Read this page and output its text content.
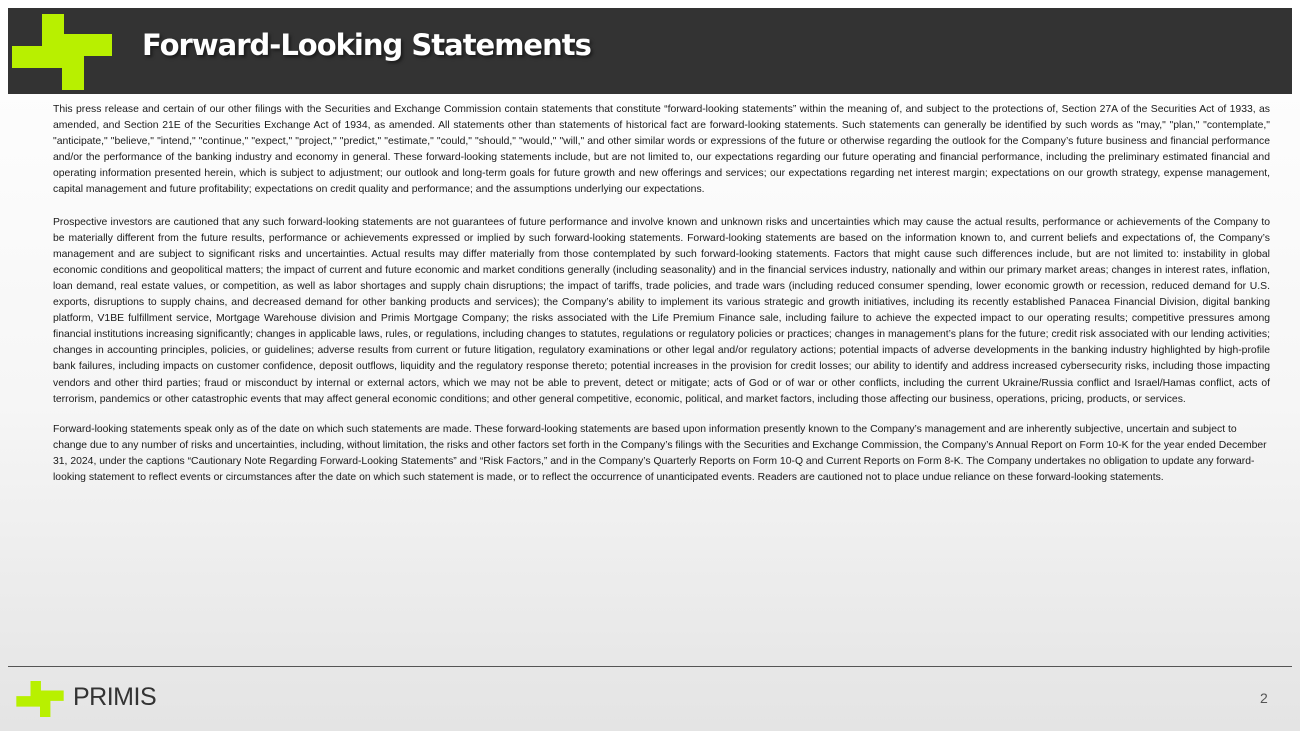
Forward-Looking Statements

This press release and certain of our other filings with the Securities and Exchange Commission contain statements that constitute “forward-looking statements” within the meaning of, and subject to the protections of, Section 27A of the Securities Act of 1933, as amended, and Section 21E of the Securities Exchange Act of 1934, as amended. All statements other than statements of historical fact are forward-looking statements. Such statements can generally be identified by such words as "may," "plan," "contemplate," "anticipate," "believe," "intend," "continue," "expect," "project," "predict," "estimate," "could," "should," "would," "will," and other similar words or expressions of the future or otherwise regarding the outlook for the Company’s future business and financial performance and/or the performance of the banking industry and economy in general. These forward-looking statements include, but are not limited to, our expectations regarding our future operating and financial performance, including the preliminary estimated financial and operating information presented herein, which is subject to adjustment; our outlook and long-term goals for future growth and new offerings and services; our expectations regarding net interest margin; expectations on our growth strategy, expense management, capital management and future profitability; expectations on credit quality and performance; and the assumptions underlying our expectations.

Prospective investors are cautioned that any such forward-looking statements are not guarantees of future performance and involve known and unknown risks and uncertainties which may cause the actual results, performance or achievements of the Company to be materially different from the future results, performance or achievements expressed or implied by such forward-looking statements. Forward-looking statements are based on the information known to, and current beliefs and expectations of, the Company’s management and are subject to significant risks and uncertainties. Actual results may differ materially from those contemplated by such forward-looking statements. Factors that might cause such differences include, but are not limited to: instability in global economic conditions and geopolitical matters; the impact of current and future economic and market conditions generally (including seasonality) and in the financial services industry, nationally and within our primary market areas; changes in interest rates, inflation, loan demand, real estate values, or competition, as well as labor shortages and supply chain disruptions; the impact of tariffs, trade policies, and trade wars (including reduced consumer spending, lower economic growth or recession, reduced demand for U.S. exports, disruptions to supply chains, and decreased demand for other banking products and services); the Company’s ability to implement its various strategic and growth initiatives, including its recently established Panacea Financial Division, digital banking platform, V1BE fulfillment service, Mortgage Warehouse division and Primis Mortgage Company; the risks associated with the Life Premium Finance sale, including failure to achieve the expected impact to our operating results; competitive pressures among financial institutions increasing significantly; changes in applicable laws, rules, or regulations, including changes to statutes, regulations or regulatory policies or practices; changes in management’s plans for the future; credit risk associated with our lending activities; changes in accounting principles, policies, or guidelines; adverse results from current or future litigation, regulatory examinations or other legal and/or regulatory actions; potential impacts of adverse developments in the banking industry highlighted by high-profile bank failures, including impacts on customer confidence, deposit outflows, liquidity and the regulatory response thereto; potential increases in the provision for credit losses; our ability to identify and address increased cybersecurity risks, including those impacting vendors and other third parties; fraud or misconduct by internal or external actors, which we may not be able to prevent, detect or mitigate; acts of God or of war or other conflicts, including the current Ukraine/Russia conflict and Israel/Hamas conflict, acts of terrorism, pandemics or other catastrophic events that may affect general economic conditions; and other general competitive, economic, political, and market factors, including those affecting our business, operations, pricing, products, or services.

Forward-looking statements speak only as of the date on which such statements are made. These forward-looking statements are based upon information presently known to the Company’s management and are inherently subjective, uncertain and subject to change due to any number of risks and uncertainties, including, without limitation, the risks and other factors set forth in the Company’s filings with the Securities and Exchange Commission, the Company’s Annual Report on Form 10-K for the year ended December 31, 2024, under the captions “Cautionary Note Regarding Forward-Looking Statements” and “Risk Factors,” and in the Company’s Quarterly Reports on Form 10-Q and Current Reports on Form 8-K. The Company undertakes no obligation to update any forward-looking statement to reflect events or circumstances after the date on which such statement is made, or to reflect the occurrence of unanticipated events. Readers are cautioned not to place undue reliance on these forward-looking statements.

PRIMIS	2
